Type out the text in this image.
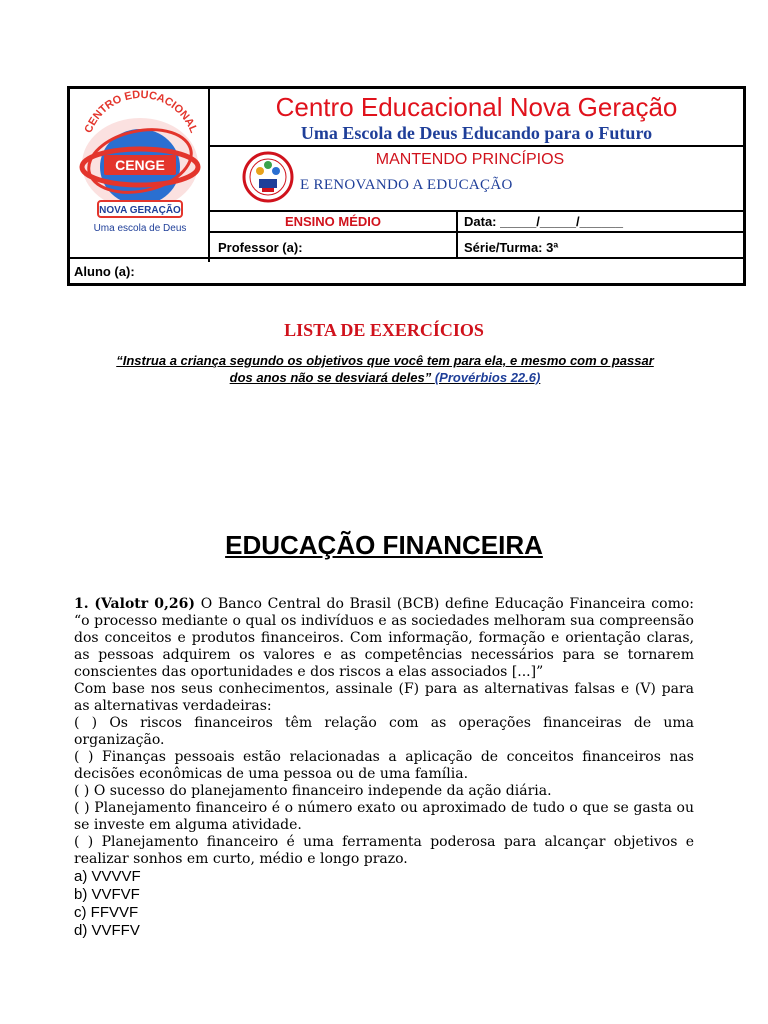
CENTRO EDUCACIONAL
CENGE
NOVA GERAÇÃO
Uma escola de Deus
Centro Educacional Nova Geração
Uma Escola de Deus Educando para o Futuro
MANTENDO PRINCÍPIOS
E RENOVANDO A EDUCAÇÃO
ENSINO MÉDIO	Data: _____/_____/______
Professor (a):	Série/Turma: 3ª
Aluno (a):
LISTA DE EXERCÍCIOS
“Instrua a criança segundo os objetivos que você tem para ela, e mesmo com o passar
dos anos não se desviará deles” (Provérbios 22.6)
EDUCAÇÃO FINANCEIRA

1. (Valotr 0,26) O Banco Central do Brasil (BCB) define Educação Financeira como: “o processo mediante o qual os indivíduos e as sociedades melhoram sua compreensão dos conceitos e produtos financeiros. Com informação, formação e orientação claras, as pessoas adquirem os valores e as competências necessários para se tornarem conscientes das oportunidades e dos riscos a elas associados [...]”

Com base nos seus conhecimentos, assinale (F) para as alternativas falsas e (V) para as alternativas verdadeiras:

( ) Os riscos financeiros têm relação com as operações financeiras de uma organização.

( ) Finanças pessoais estão relacionadas a aplicação de conceitos financeiros nas decisões econômicas de uma pessoa ou de uma família.

( ) O sucesso do planejamento financeiro independe da ação diária.

( ) Planejamento financeiro é o número exato ou aproximado de tudo o que se gasta ou se investe em alguma atividade.

( ) Planejamento financeiro é uma ferramenta poderosa para alcançar objetivos e realizar sonhos em curto, médio e longo prazo.

a) VVVVF

b) VVFVF

c) FFVVF

d) VVFFV
